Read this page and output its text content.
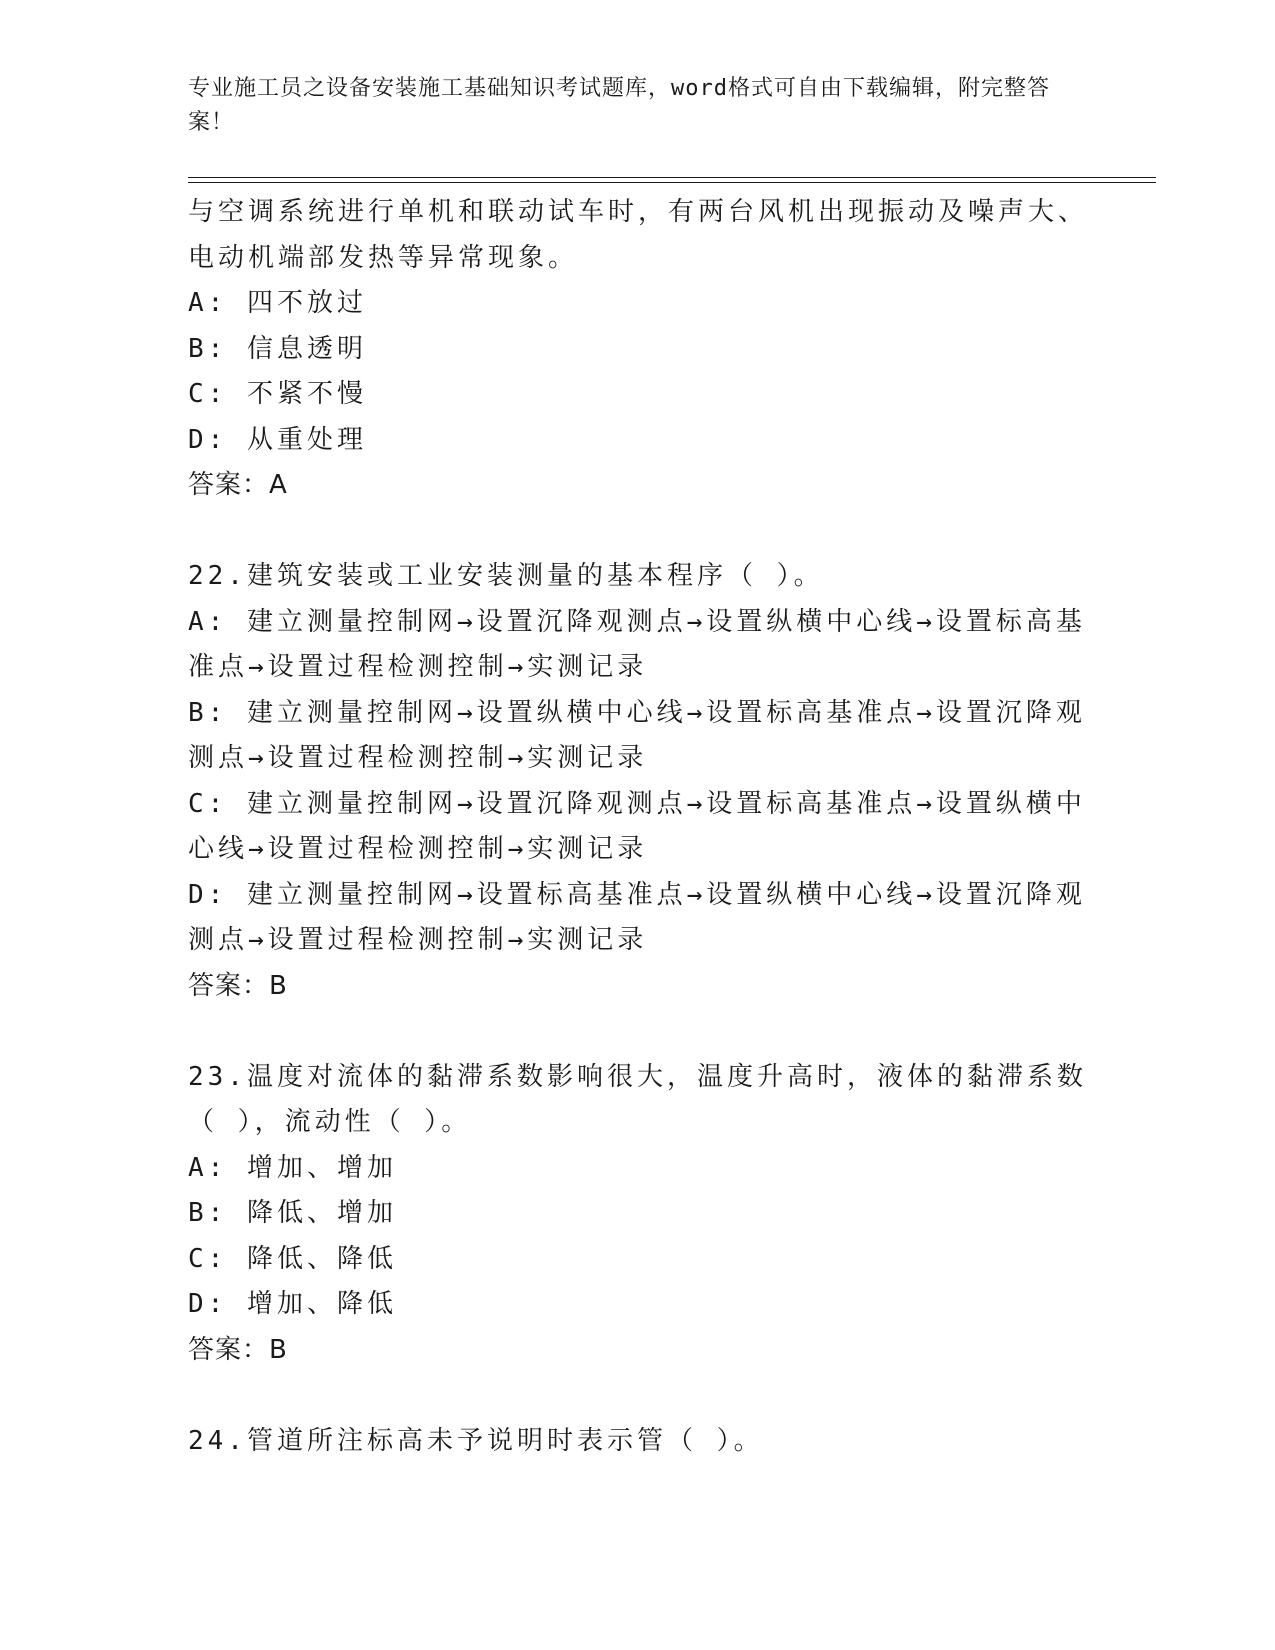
专业施工员之设备安装施工基础知识考试题库，word格式可自由下载编辑，附完整答案！
与空调系统进行单机和联动试车时，有两台风机出现振动及噪声大、
电动机端部发热等异常现象。
A: 四不放过
B: 信息透明
C: 不紧不慢
D: 从重处理
答案：A
22.建筑安装或工业安装测量的基本程序（ ）。
A: 建立测量控制网→设置沉降观测点→设置纵横中心线→设置标高基准点→设置过程检测控制→实测记录
B: 建立测量控制网→设置纵横中心线→设置标高基准点→设置沉降观测点→设置过程检测控制→实测记录
C: 建立测量控制网→设置沉降观测点→设置标高基准点→设置纵横中心线→设置过程检测控制→实测记录
D: 建立测量控制网→设置标高基准点→设置纵横中心线→设置沉降观测点→设置过程检测控制→实测记录
答案：B
23.温度对流体的黏滞系数影响很大，温度升高时，液体的黏滞系数（ ），流动性（ ）。
A: 增加、增加
B: 降低、增加
C: 降低、降低
D: 增加、降低
答案：B
24.管道所注标高未予说明时表示管（ ）。
